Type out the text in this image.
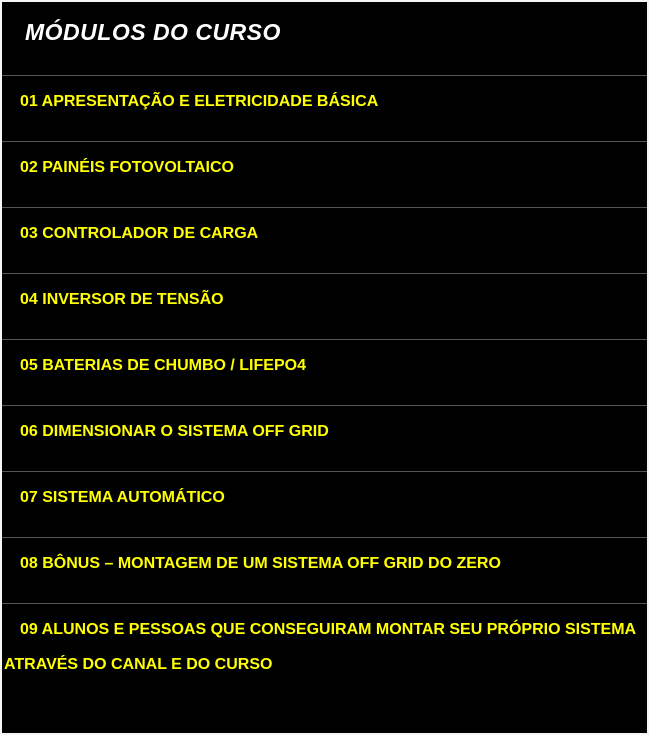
MÓDULOS DO CURSO
01 APRESENTAÇÃO E ELETRICIDADE BÁSICA
02 PAINÉIS FOTOVOLTAICO
03 CONTROLADOR DE CARGA
04 INVERSOR DE TENSÃO
05 BATERIAS DE CHUMBO / LIFEPO4
06 DIMENSIONAR O SISTEMA OFF GRID
07 SISTEMA AUTOMÁTICO
08 BÔNUS – MONTAGEM DE UM SISTEMA OFF GRID DO ZERO
09 ALUNOS E PESSOAS QUE CONSEGUIRAM MONTAR SEU PRÓPRIO SISTEMA ATRAVÉS DO CANAL E DO CURSO
